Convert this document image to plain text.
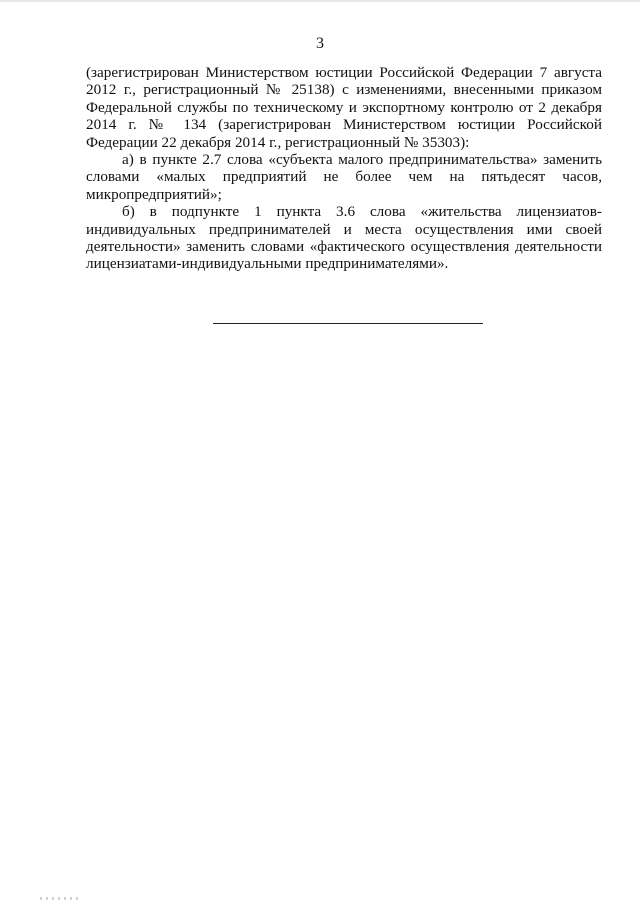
3

(зарегистрирован Министерством юстиции Российской Федерации 7 августа 2012 г., регистрационный № 25138) с изменениями, внесенными приказом Федеральной службы по техническому и экспортному контролю от 2 декабря 2014 г. № 134 (зарегистрирован Министерством юстиции Российской Федерации 22 декабря 2014 г., регистрационный № 35303):

а) в пункте 2.7 слова «субъекта малого предпринимательства» заменить словами «малых предприятий не более чем на пятьдесят часов, микропредприятий»;

б) в подпункте 1 пункта 3.6 слова «жительства лицензиатов-индивидуальных предпринимателей и места осуществления ими своей деятельности» заменить словами «фактического осуществления деятельности лицензиатами-индивидуальными предпринимателями».
